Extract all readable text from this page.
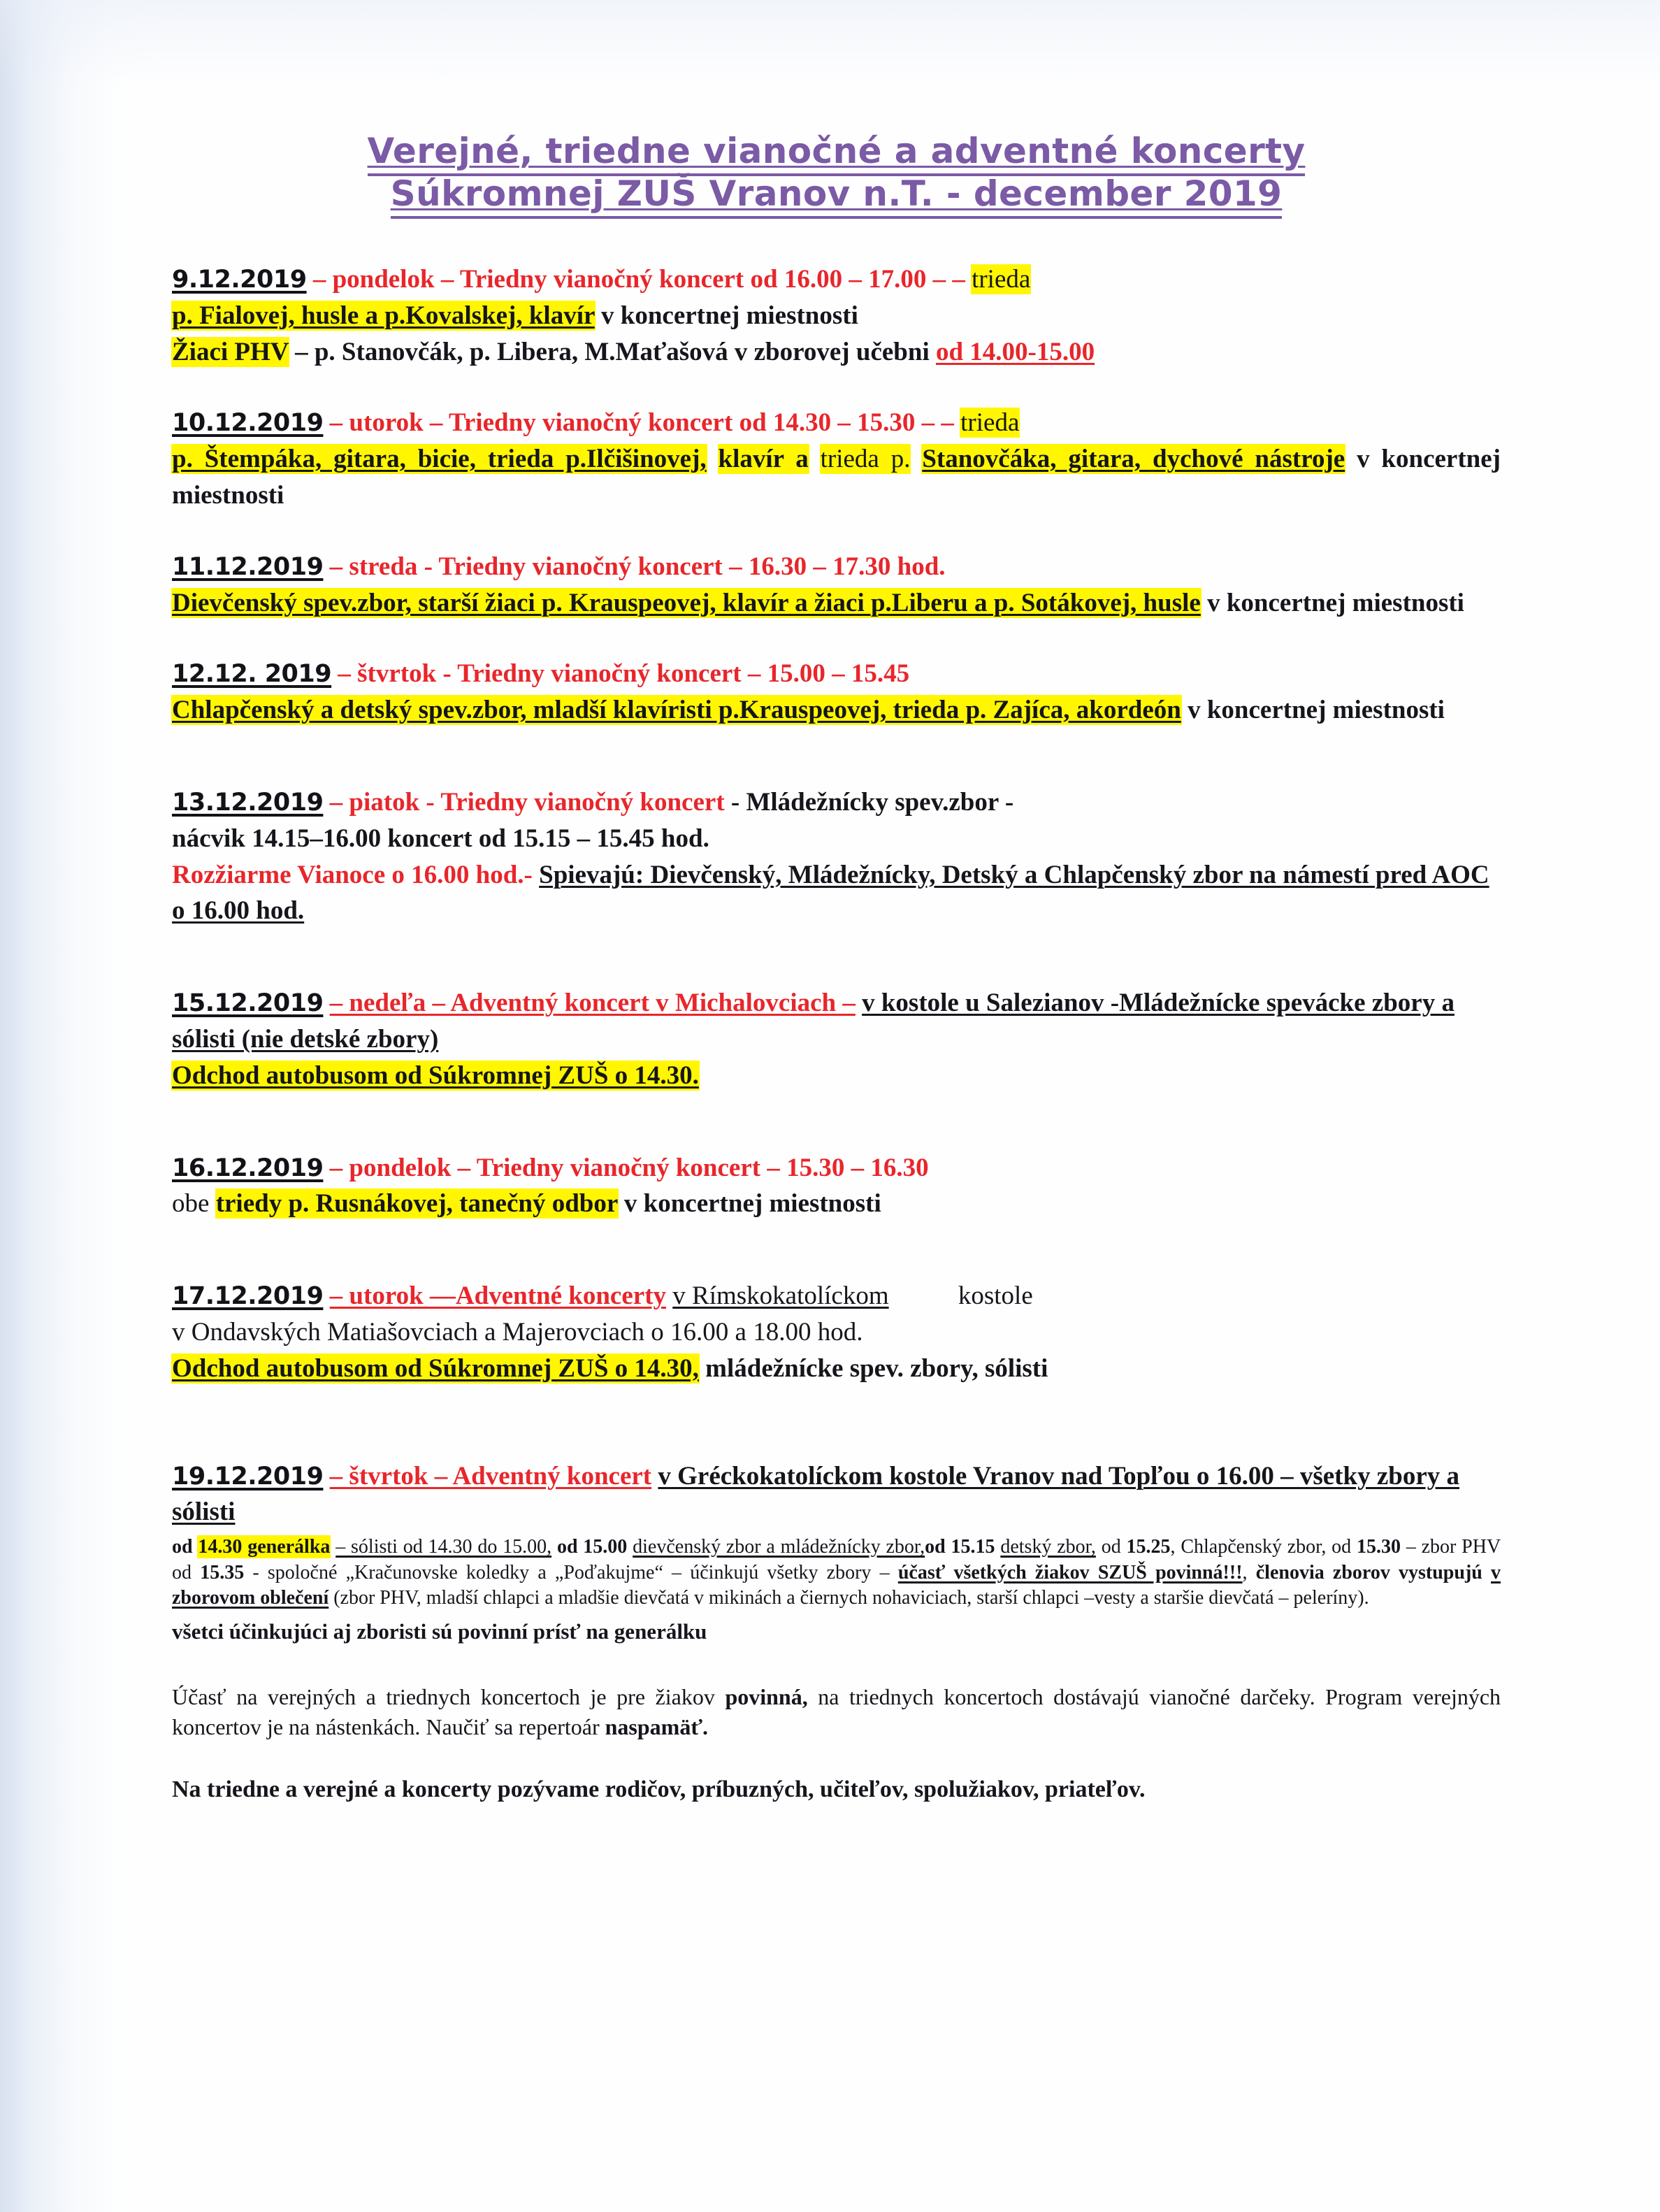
Verejné, triedne vianočné a adventné koncerty
Súkromnej ZUŠ Vranov n.T. - december 2019
9.12.2019 – pondelok – Triedny vianočný koncert od 16.00 – 17.00 – – trieda
p. Fialovej, husle a p.Kovalskej, klavír v koncertnej miestnosti
Žiaci PHV – p. Stanovčák, p. Libera, M.Maťašová v zborovej učebni od 14.00-15.00
10.12.2019 – utorok – Triedny vianočný koncert od 14.30 – 15.30 – – trieda
p. Štempáka, gitara, bicie, trieda p.Ilčišinovej, klavír a trieda p. Stanovčáka, gitara, dychové nástroje v koncertnej miestnosti
11.12.2019 – streda - Triedny vianočný koncert – 16.30 – 17.30 hod.
Dievčenský spev.zbor, starší žiaci p. Krauspeovej, klavír a žiaci p.Liberu a p. Sotákovej, husle v koncertnej miestnosti
12.12. 2019 – štvrtok - Triedny vianočný koncert – 15.00 – 15.45
Chlapčenský a detský spev.zbor, mladší klavíristi p.Krauspeovej, trieda p. Zajíca, akordeón v koncertnej miestnosti
13.12.2019 – piatok - Triedny vianočný koncert - Mládežnícky spev.zbor -
nácvik 14.15–16.00 koncert od 15.15 – 15.45 hod.
Rozžiarme Vianoce o 16.00 hod.- Spievajú: Dievčenský, Mládežnícky, Detský a Chlapčenský zbor na námestí pred AOC o 16.00 hod.
15.12.2019 – nedeľa – Adventný koncert v Michalovciach – v kostole u Salezianov -Mládežnícke spevácke zbory a sólisti (nie detské zbory)
Odchod autobusom od Súkromnej ZUŠ o 14.30.
16.12.2019 – pondelok – Triedny vianočný koncert – 15.30 – 16.30
obe triedy p. Rusnákovej, tanečný odbor v koncertnej miestnosti
17.12.2019 – utorok —Adventné koncerty v Rímskokatolíckom	kostole
v Ondavských Matiašovciach a Majerovciach o 16.00 a 18.00 hod.
Odchod autobusom od Súkromnej ZUŠ o 14.30, mládežnícke spev. zbory, sólisti
19.12.2019 – štvrtok – Adventný koncert v Gréckokatolíckom kostole Vranov nad Topľou o 16.00 – všetky zbory a sólisti
od 14.30 generálka – sólisti od 14.30 do 15.00, od 15.00 dievčenský zbor a mládežnícky zbor,od 15.15 detský zbor, od 15.25, Chlapčenský zbor, od 15.30 – zbor PHV od 15.35 - spoločné „Kračunovske koledky a „Poďakujme“ – účinkujú všetky zbory – účasť všetkých žiakov SZUŠ povinná!!!, členovia zborov vystupujú v zborovom oblečení (zbor PHV, mladší chlapci a mladšie dievčatá v mikinách a čiernych nohaviciach, starší chlapci –vesty a staršie dievčatá – peleríny).
všetci účinkujúci aj zboristi sú povinní prísť na generálku
Účasť na verejných a triednych koncertoch je pre žiakov povinná, na triednych koncertoch dostávajú vianočné darčeky. Program verejných koncertov je na nástenkách. Naučiť sa repertoár naspamäť.
Na triedne a verejné a koncerty pozývame rodičov, príbuzných, učiteľov, spolužiakov, priateľov.
